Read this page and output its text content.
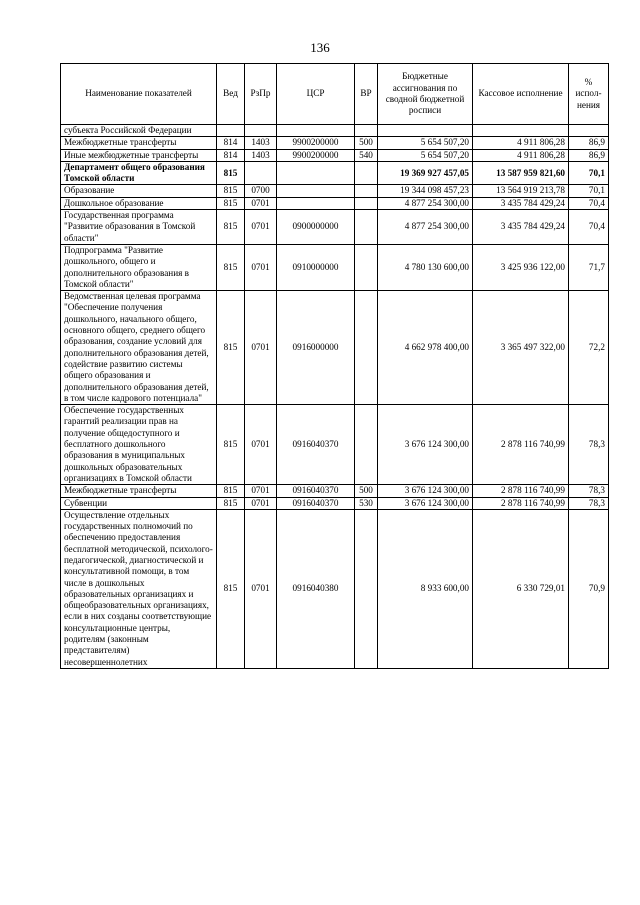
136
Наименование показателей	Вед	РзПр	ЦСР	ВР	Бюджетные ассигнования по сводной бюджетной росписи	Кассовое исполнение	% испол-нения
субъекта Российской Федерации							
Межбюджетные трансферты	814	1403	9900200000	500	5 654 507,20	4 911 806,28	86,9
Иные межбюджетные трансферты	814	1403	9900200000	540	5 654 507,20	4 911 806,28	86,9
Департамент общего образования Томской области	815				19 369 927 457,05	13 587 959 821,60	70,1
Образование	815	0700			19 344 098 457,23	13 564 919 213,78	70,1
Дошкольное образование	815	0701			4 877 254 300,00	3 435 784 429,24	70,4
Государственная программа "Развитие образования в Томской области"	815	0701	0900000000		4 877 254 300,00	3 435 784 429,24	70,4
Подпрограмма "Развитие дошкольного, общего и дополнительного образования в Томской области"	815	0701	0910000000		4 780 130 600,00	3 425 936 122,00	71,7
Ведомственная целевая программа "Обеспечение получения дошкольного, начального общего, основного общего, среднего общего образования, создание условий для дополнительного образования детей, содействие развитию системы общего образования и дополнительного образования детей, в том числе кадрового потенциала"	815	0701	0916000000		4 662 978 400,00	3 365 497 322,00	72,2
Обеспечение государственных гарантий реализации прав на получение общедоступного и бесплатного дошкольного образования в муниципальных дошкольных образовательных организациях в Томской области	815	0701	0916040370		3 676 124 300,00	2 878 116 740,99	78,3
Межбюджетные трансферты	815	0701	0916040370	500	3 676 124 300,00	2 878 116 740,99	78,3
Субвенции	815	0701	0916040370	530	3 676 124 300,00	2 878 116 740,99	78,3
Осуществление отдельных государственных полномочий по обеспечению предоставления бесплатной методической, психолого-педагогической, диагностической и консультативной помощи, в том числе в дошкольных образовательных организациях и общеобразовательных организациях, если в них созданы соответствующие консультационные центры, родителям (законным представителям) несовершеннолетних	815	0701	0916040380		8 933 600,00	6 330 729,01	70,9
